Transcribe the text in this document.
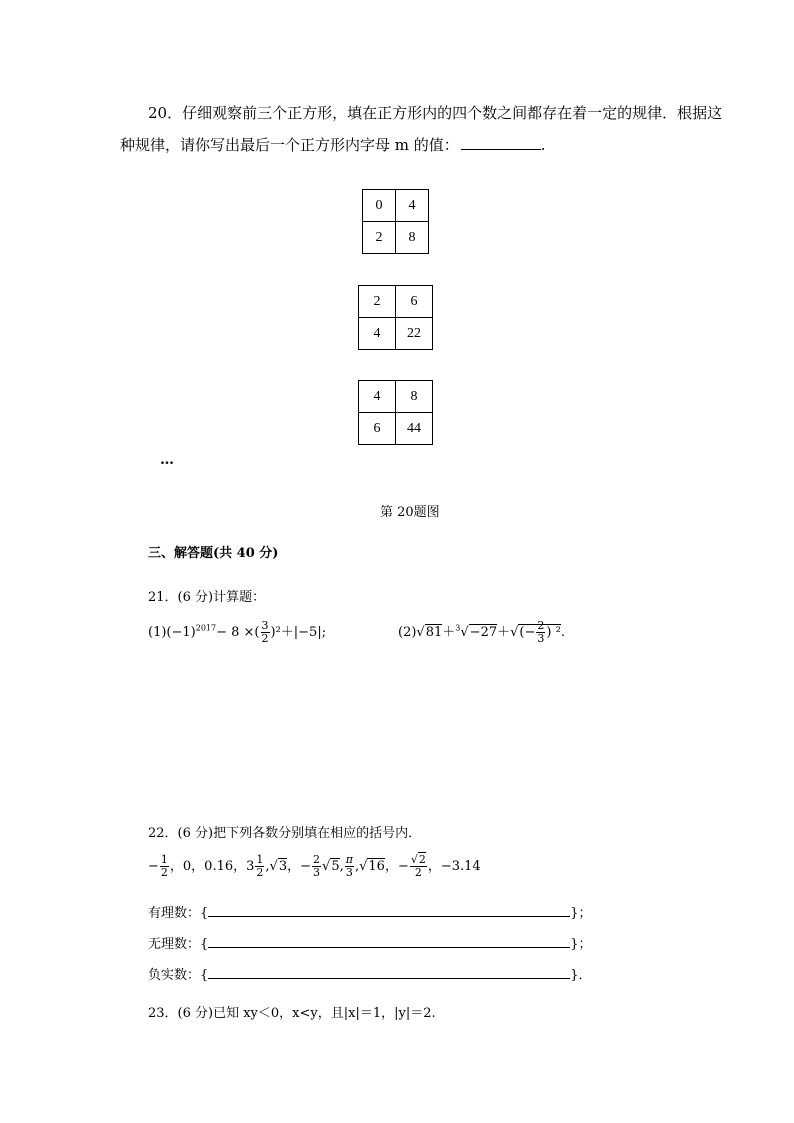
20．仔细观察前三个正方形，填在正方形内的四个数之间都存在着一定的规律．根据这
种规律，请你写出最后一个正方形内字母 m 的值：	.
0	4
2	8
2	6
4	22
4	8
6	44
…
第 20题图
三、解答题(共 40 分)
21．(6 分)计算题：
$(1)(-1)^{2017}- 8$ ×( $\frac{3}{2} )^2+|-5|$;	$(2)√81+^3√-27+√(- \frac{2}{3}$ ) ².
22．(6 分)把下列各数分别填在相应的括号内．
− $\frac{1}{2}$ ，0，0.16，$3 \frac{1}{2} ,√3$，− $\frac{2}{3} √5$, $\frac{\pi}{3} ,√16$，− $\frac{√2}{2}$ ，−3.14
有理数：{	}；
无理数：{	}；
负实数：{	}．
23．(6 分)已知 xy＜0，x<y，且|x|＝1，|y|＝2.
